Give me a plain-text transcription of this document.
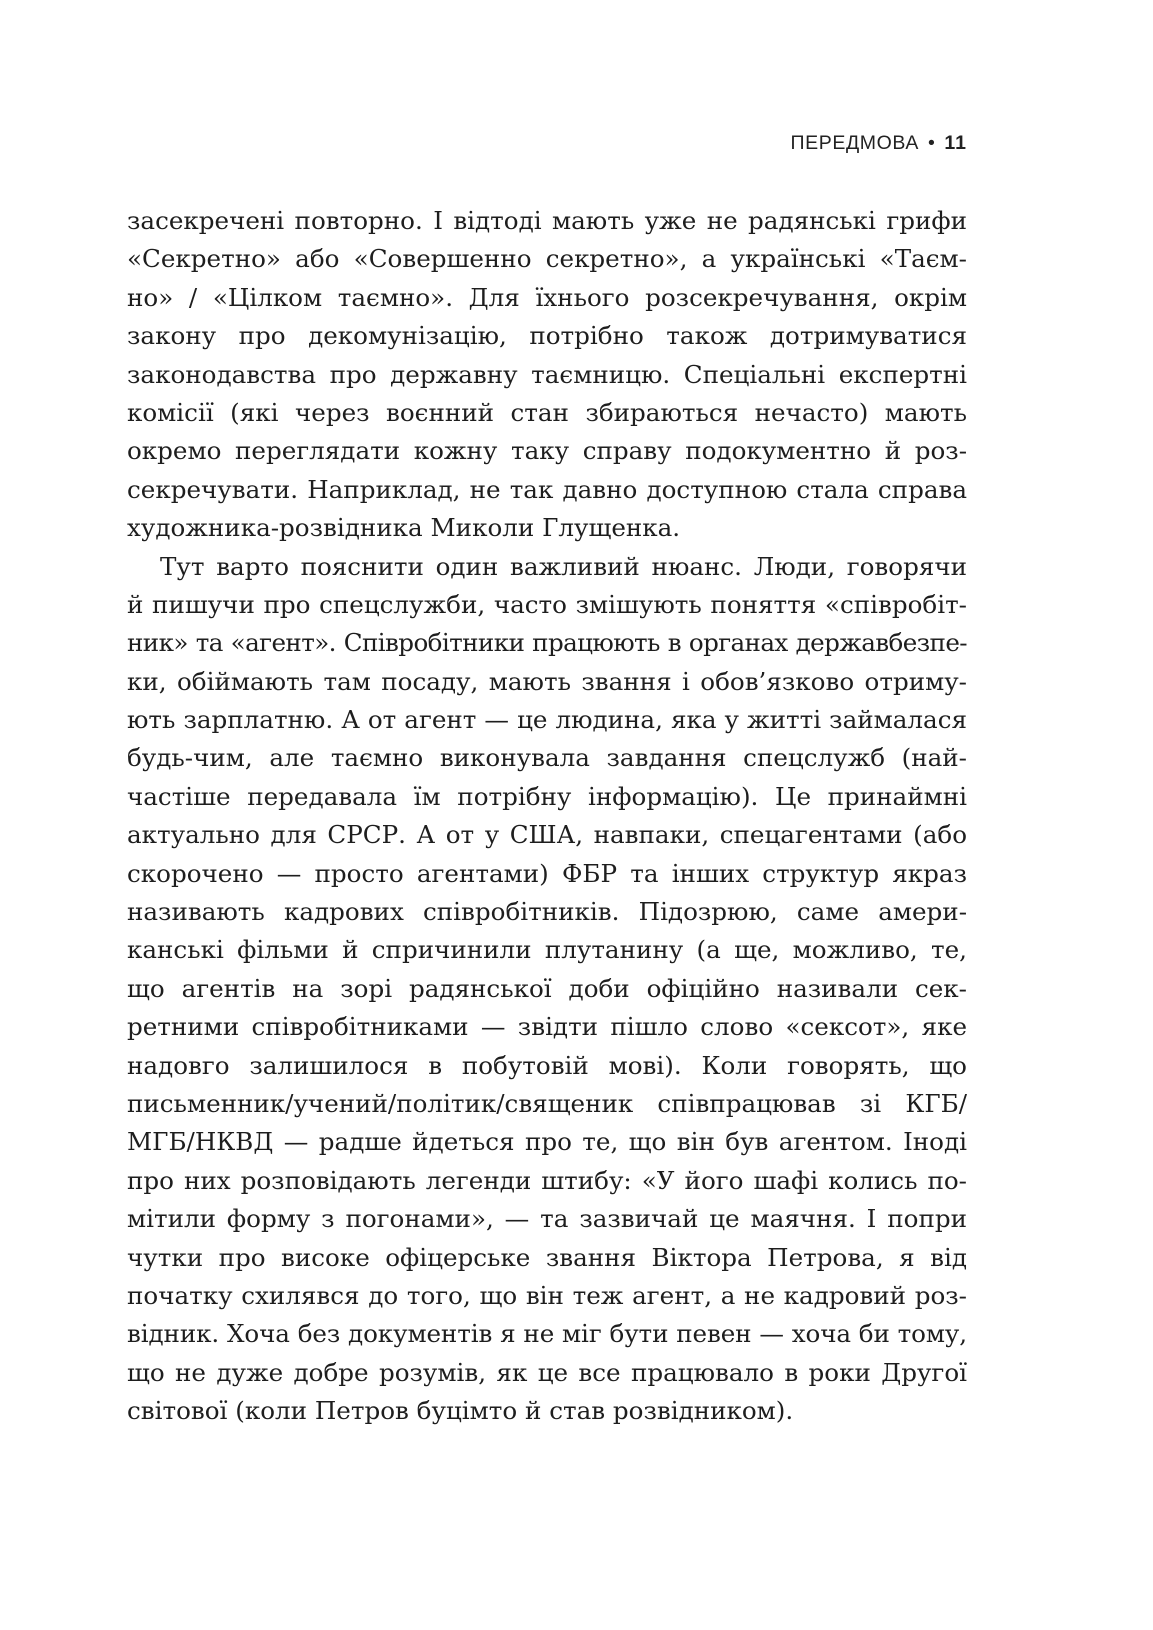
ПЕРЕДМОВА • 11
засекречені повторно. І відтоді мають уже не радянські грифи
«Секретно» або «Совершенно секретно», а українські «Таєм-
но» / «Цілком таємно». Для їхнього розсекречування, окрім
закону про декомунізацію, потрібно також дотримуватися
законодавства про державну таємницю. Спеціальні експертні
комісії (які через воєнний стан збираються нечасто) мають
окремо переглядати кожну таку справу подокументно й роз-
секречувати. Наприклад, не так давно доступною стала справа
художника-розвідника Миколи Глущенка.
Тут варто пояснити один важливий нюанс. Люди, говорячи
й пишучи про спецслужби, часто змішують поняття «співробіт-
ник» та «агент». Співробітники працюють в органах державбезпе-
ки, обіймають там посаду, мають звання і обов’язково отриму-
ють зарплатню. А от агент — це людина, яка у житті займалася
будь-чим, але таємно виконувала завдання спецслужб (най-
частіше передавала їм потрібну інформацію). Це принаймні
актуально для СРСР. А от у США, навпаки, спецагентами (або
скорочено — просто агентами) ФБР та інших структур якраз
називають кадрових співробітників. Підозрюю, саме амери-
канські фільми й спричинили плутанину (а ще, можливо, те,
що агентів на зорі радянської доби офіційно називали сек-
ретними співробітниками — звідти пішло слово «сексот», яке
надовго залишилося в побутовій мові). Коли говорять, що
письменник/учений/політик/священик співпрацював зі КГБ/
МГБ/НКВД — радше йдеться про те, що він був агентом. Іноді
про них розповідають легенди штибу: «У його шафі колись по-
мітили форму з погонами», — та зазвичай це маячня. І попри
чутки про високе офіцерське звання Віктора Петрова, я від
початку схилявся до того, що він теж агент, а не кадровий роз-
відник. Хоча без документів я не міг бути певен — хоча би тому,
що не дуже добре розумів, як це все працювало в роки Другої
світової (коли Петров буцімто й став розвідником).
